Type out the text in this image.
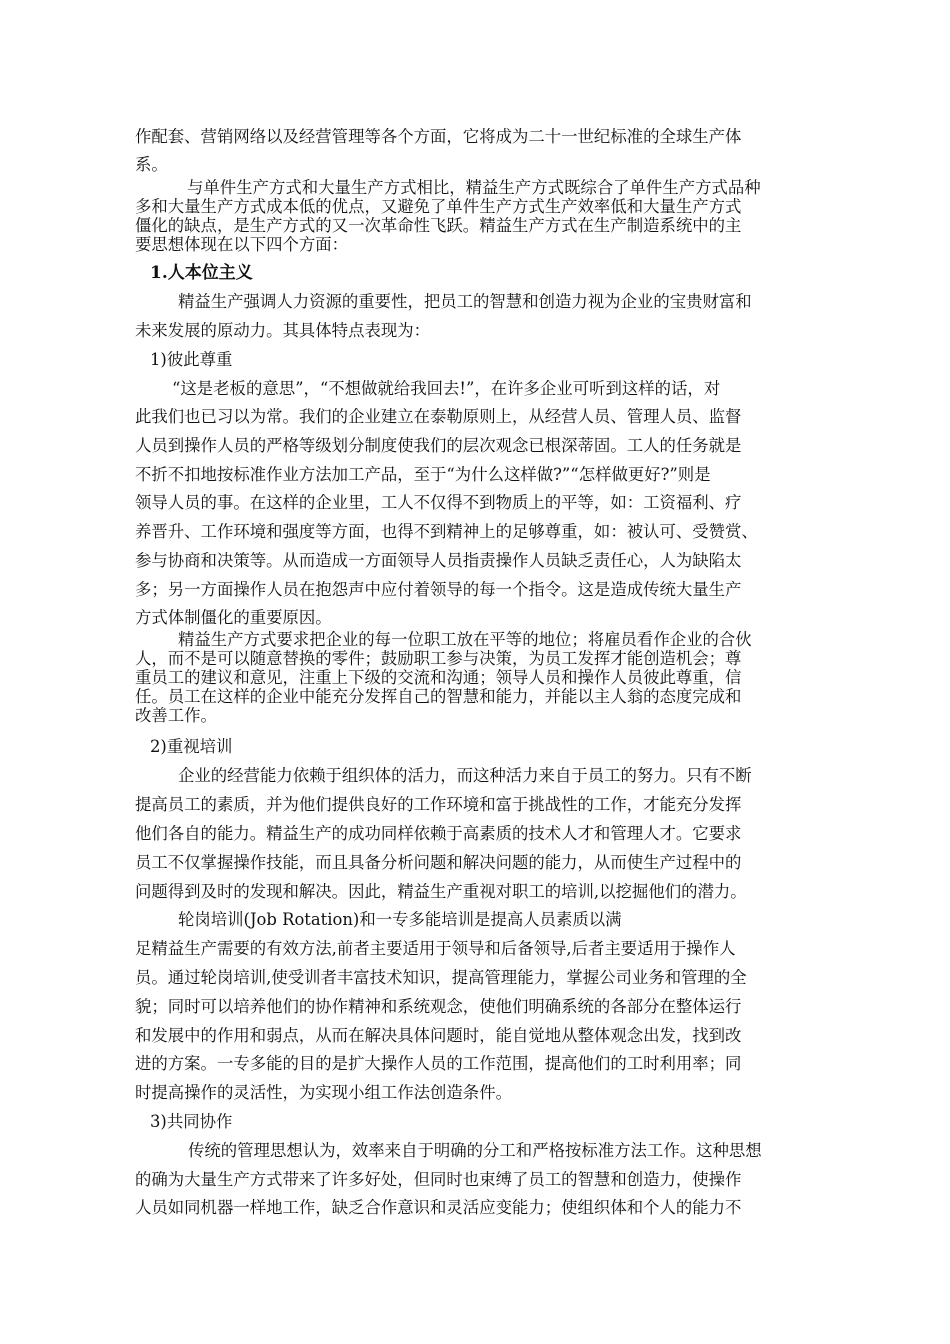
作配套、营销网络以及经营管理等各个方面，它将成为二十一世纪标准的全球生产体
系。
与单件生产方式和大量生产方式相比，精益生产方式既综合了单件生产方式品种
多和大量生产方式成本低的优点，又避免了单件生产方式生产效率低和大量生产方式
僵化的缺点，是生产方式的又一次革命性飞跃。精益生产方式在生产制造系统中的主
要思想体现在以下四个方面：
1.人本位主义
精益生产强调人力资源的重要性，把员工的智慧和创造力视为企业的宝贵财富和
未来发展的原动力。其具体特点表现为：
1)彼此尊重
“这是老板的意思”，“不想做就给我回去!”，在许多企业可听到这样的话，对
此我们也已习以为常。我们的企业建立在泰勒原则上，从经营人员、管理人员、监督
人员到操作人员的严格等级划分制度使我们的层次观念已根深蒂固。工人的任务就是
不折不扣地按标准作业方法加工产品，至于“为什么这样做?”“怎样做更好?”则是
领导人员的事。在这样的企业里，工人不仅得不到物质上的平等，如：工资福利、疗
养晋升、工作环境和强度等方面，也得不到精神上的足够尊重，如：被认可、受赞赏、
参与协商和决策等。从而造成一方面领导人员指责操作人员缺乏责任心，人为缺陷太
多；另一方面操作人员在抱怨声中应付着领导的每一个指令。这是造成传统大量生产
方式体制僵化的重要原因。
精益生产方式要求把企业的每一位职工放在平等的地位；将雇员看作企业的合伙
人，而不是可以随意替换的零件；鼓励职工参与决策，为员工发挥才能创造机会；尊
重员工的建议和意见，注重上下级的交流和沟通；领导人员和操作人员彼此尊重，信
任。员工在这样的企业中能充分发挥自己的智慧和能力，并能以主人翁的态度完成和
改善工作。
2)重视培训
企业的经营能力依赖于组织体的活力，而这种活力来自于员工的努力。只有不断
提高员工的素质，并为他们提供良好的工作环境和富于挑战性的工作，才能充分发挥
他们各自的能力。精益生产的成功同样依赖于高素质的技术人才和管理人才。它要求
员工不仅掌握操作技能，而且具备分析问题和解决问题的能力，从而使生产过程中的
问题得到及时的发现和解决。因此，精益生产重视对职工的培训,以挖掘他们的潜力。
轮岗培训(Job Rotation)和一专多能培训是提高人员素质以满
足精益生产需要的有效方法,前者主要适用于领导和后备领导,后者主要适用于操作人
员。通过轮岗培训,使受训者丰富技术知识，提高管理能力，掌握公司业务和管理的全
貌；同时可以培养他们的协作精神和系统观念，使他们明确系统的各部分在整体运行
和发展中的作用和弱点，从而在解决具体问题时，能自觉地从整体观念出发，找到改
进的方案。一专多能的目的是扩大操作人员的工作范围，提高他们的工时利用率；同
时提高操作的灵活性，为实现小组工作法创造条件。
3)共同协作
传统的管理思想认为，效率来自于明确的分工和严格按标准方法工作。这种思想
的确为大量生产方式带来了许多好处，但同时也束缚了员工的智慧和创造力，使操作
人员如同机器一样地工作，缺乏合作意识和灵活应变能力；使组织体和个人的能力不
